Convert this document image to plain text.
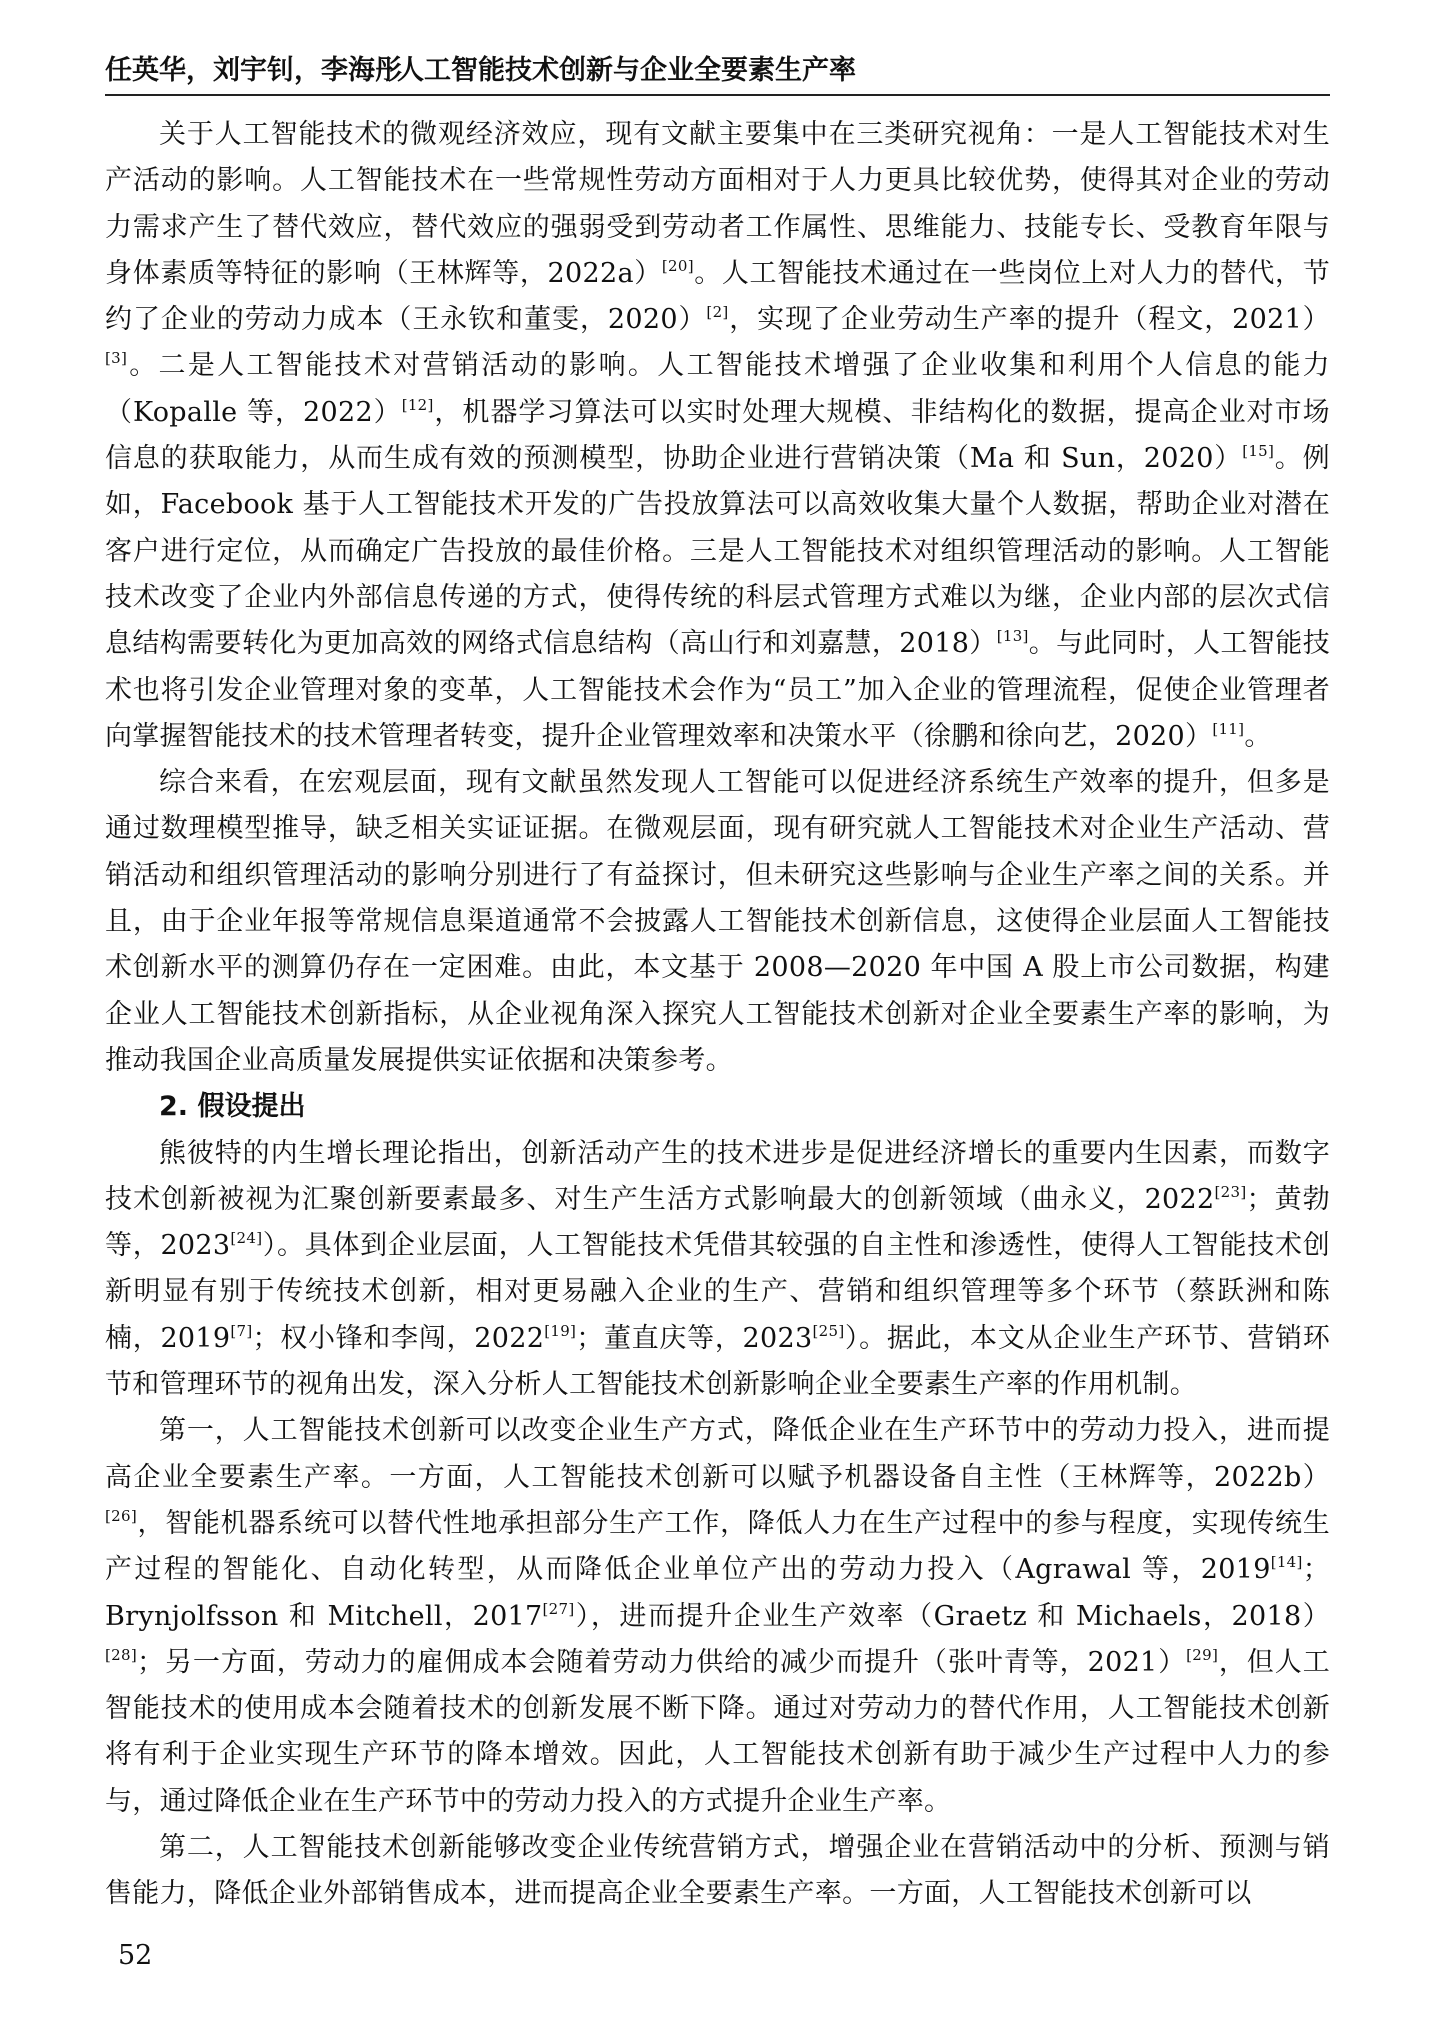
任英华，刘宇钊，李海彤
人工智能技术创新与企业全要素生产率

关于人工智能技术的微观经济效应，现有文献主要集中在三类研究视角：一是人工智能技术对生产活动的影响。人工智能技术在一些常规性劳动方面相对于人力更具比较优势，使得其对企业的劳动力需求产生了替代效应，替代效应的强弱受到劳动者工作属性、思维能力、技能专长、受教育年限与身体素质等特征的影响（王林辉等，2022a）[20]。人工智能技术通过在一些岗位上对人力的替代，节约了企业的劳动力成本（王永钦和董雯，2020）[2]，实现了企业劳动生产率的提升（程文，2021）[3]。二是人工智能技术对营销活动的影响。人工智能技术增强了企业收集和利用个人信息的能力（Kopalle 等，2022）[12]，机器学习算法可以实时处理大规模、非结构化的数据，提高企业对市场信息的获取能力，从而生成有效的预测模型，协助企业进行营销决策（Ma 和 Sun，2020）[15]。例如，Facebook 基于人工智能技术开发的广告投放算法可以高效收集大量个人数据，帮助企业对潜在客户进行定位，从而确定广告投放的最佳价格。三是人工智能技术对组织管理活动的影响。人工智能技术改变了企业内外部信息传递的方式，使得传统的科层式管理方式难以为继，企业内部的层次式信息结构需要转化为更加高效的网络式信息结构（高山行和刘嘉慧，2018）[13]。与此同时，人工智能技术也将引发企业管理对象的变革，人工智能技术会作为“员工”加入企业的管理流程，促使企业管理者向掌握智能技术的技术管理者转变，提升企业管理效率和决策水平（徐鹏和徐向艺，2020）[11]。

综合来看，在宏观层面，现有文献虽然发现人工智能可以促进经济系统生产效率的提升，但多是通过数理模型推导，缺乏相关实证证据。在微观层面，现有研究就人工智能技术对企业生产活动、营销活动和组织管理活动的影响分别进行了有益探讨，但未研究这些影响与企业生产率之间的关系。并且，由于企业年报等常规信息渠道通常不会披露人工智能技术创新信息，这使得企业层面人工智能技术创新水平的测算仍存在一定困难。由此，本文基于 2008—2020 年中国 A 股上市公司数据，构建企业人工智能技术创新指标，从企业视角深入探究人工智能技术创新对企业全要素生产率的影响，为推动我国企业高质量发展提供实证依据和决策参考。

2. 假设提出

熊彼特的内生增长理论指出，创新活动产生的技术进步是促进经济增长的重要内生因素，而数字技术创新被视为汇聚创新要素最多、对生产生活方式影响最大的创新领域（曲永义，2022[23]；黄勃等，2023[24]）。具体到企业层面，人工智能技术凭借其较强的自主性和渗透性，使得人工智能技术创新明显有别于传统技术创新，相对更易融入企业的生产、营销和组织管理等多个环节（蔡跃洲和陈楠，2019[7]；权小锋和李闯，2022[19]；董直庆等，2023[25]）。据此，本文从企业生产环节、营销环节和管理环节的视角出发，深入分析人工智能技术创新影响企业全要素生产率的作用机制。

第一，人工智能技术创新可以改变企业生产方式，降低企业在生产环节中的劳动力投入，进而提高企业全要素生产率。一方面，人工智能技术创新可以赋予机器设备自主性（王林辉等，2022b）[26]，智能机器系统可以替代性地承担部分生产工作，降低人力在生产过程中的参与程度，实现传统生产过程的智能化、自动化转型，从而降低企业单位产出的劳动力投入（Agrawal 等，2019[14]；Brynjolfsson 和 Mitchell，2017[27]），进而提升企业生产效率（Graetz 和 Michaels，2018）[28]；另一方面，劳动力的雇佣成本会随着劳动力供给的减少而提升（张叶青等，2021）[29]，但人工智能技术的使用成本会随着技术的创新发展不断下降。通过对劳动力的替代作用，人工智能技术创新将有利于企业实现生产环节的降本增效。因此，人工智能技术创新有助于减少生产过程中人力的参与，通过降低企业在生产环节中的劳动力投入的方式提升企业生产率。

第二，人工智能技术创新能够改变企业传统营销方式，增强企业在营销活动中的分析、预测与销售能力，降低企业外部销售成本，进而提高企业全要素生产率。一方面，人工智能技术创新可以

52
